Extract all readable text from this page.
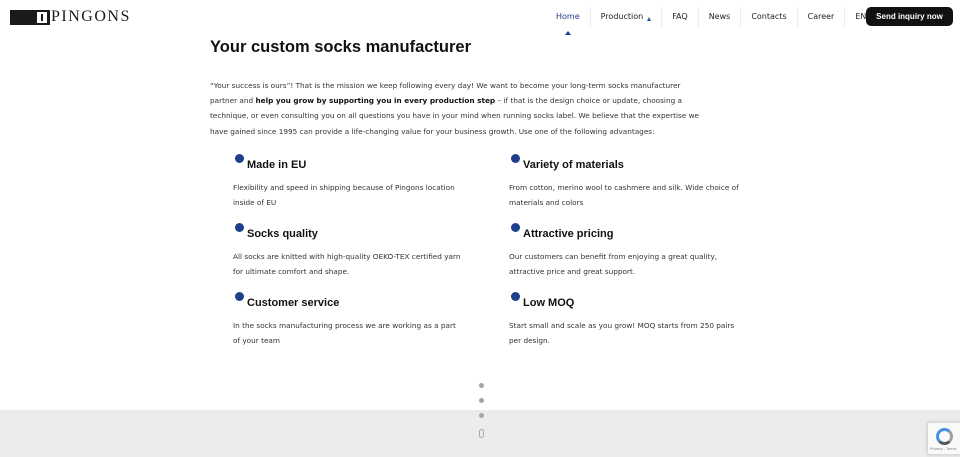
PINGONS	Home	Production	FAQ	News	Contacts	Career	EN	Send inquiry now
Your custom socks manufacturer

“Your success is ours”! That is the mission we keep following every day! We want to become your long-term socks manufacturer partner and help you grow by supporting you in every production step – if that is the design choice or update, choosing a technique, or even consulting you on all questions you have in your mind when running socks label. We believe that the expertise we have gained since 1995 can provide a life-changing value for your business growth. Use one of the following advantages:

Made in EU

Flexibility and speed in shipping because of Pingons location inside of EU

Variety of materials

From cotton, merino wool to cashmere and silk. Wide choice of materials and colors

Socks quality

All socks are knitted with high-quality OEKO-TEX certified yarn for ultimate comfort and shape.

Attractive pricing

Our customers can benefit from enjoying a great quality, attractive price and great support.

Customer service

In the socks manufacturing process we are working as a part of your team

Low MOQ

Start small and scale as you grow! MOQ starts from 250 pairs per design.

Privacy - Terms
